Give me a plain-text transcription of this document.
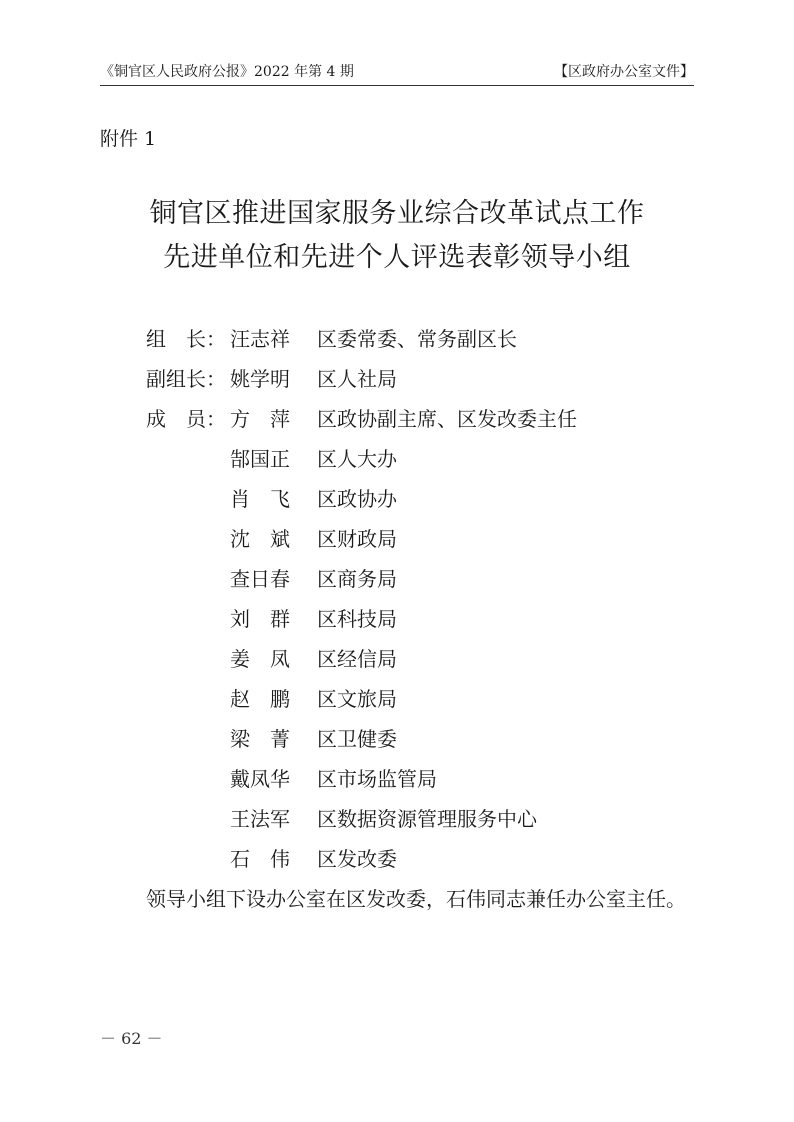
《铜官区人民政府公报》2022 年第 4 期	【区政府办公室文件】
附件 1
铜官区推进国家服务业综合改革试点工作
先进单位和先进个人评选表彰领导小组
组　长： 汪志祥	区委常委、常务副区长
副组长： 姚学明	区人社局
成　员： 方　萍	区政协副主席、区发改委主任
郜国正	区人大办
肖　飞	区政协办
沈　斌	区财政局
查日春	区商务局
刘　群	区科技局
姜　凤	区经信局
赵　鹏	区文旅局
梁　菁	区卫健委
戴凤华	区市场监管局
王法军	区数据资源管理服务中心
石　伟	区发改委
领导小组下设办公室在区发改委，石伟同志兼任办公室主任。
－ 62 －
